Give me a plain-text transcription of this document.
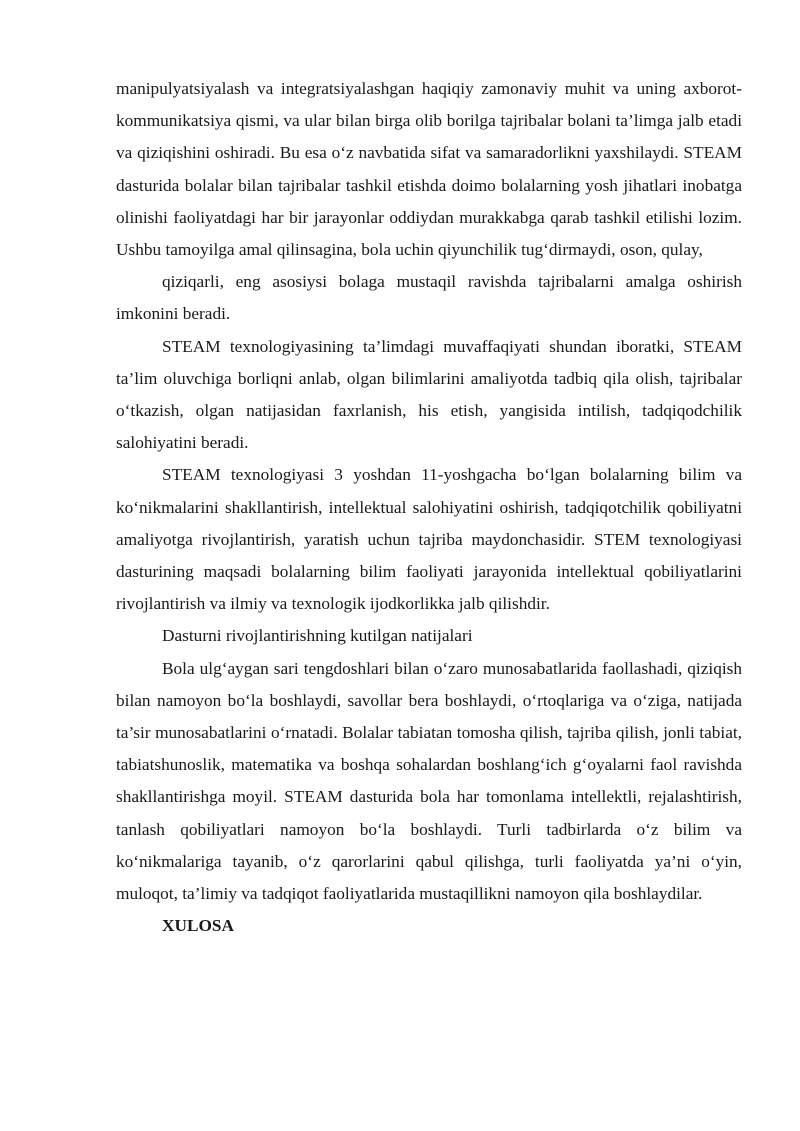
manipulyatsiyalash va integratsiyalashgan haqiqiy zamonaviy muhit va uning axborot-kommunikatsiya qismi, va ular bilan birga olib borilga tajribalar bolani ta’limga jalb etadi va qiziqishini oshiradi. Bu esa o‘z navbatida sifat va samaradorlikni yaxshilaydi. STEAM dasturida bolalar bilan tajribalar tashkil etishda doimo bolalarning yosh jihatlari inobatga olinishi faoliyatdagi har bir jarayonlar oddiydan murakkabga qarab tashkil etilishi lozim. Ushbu tamoyilga amal qilinsagina, bola uchin qiyunchilik tug‘dirmaydi, oson, qulay,

qiziqarli, eng asosiysi bolaga mustaqil ravishda tajribalarni amalga oshirish imkonini beradi.

STEAM texnologiyasining ta’limdagi muvaffaqiyati shundan iboratki, STEAM ta’lim oluvchiga borliqni anlab, olgan bilimlarini amaliyotda tadbiq qila olish, tajribalar o‘tkazish, olgan natijasidan faxrlanish, his etish, yangisida intilish, tadqiqodchilik salohiyatini beradi.

STEAM texnologiyasi 3 yoshdan 11-yoshgacha bo‘lgan bolalarning bilim va ko‘nikmalarini shakllantirish, intellektual salohiyatini oshirish, tadqiqotchilik qobiliyatni amaliyotga rivojlantirish, yaratish uchun tajriba maydonchasidir. STEM texnologiyasi dasturining maqsadi bolalarning bilim faoliyati jarayonida intellektual qobiliyatlarini rivojlantirish va ilmiy va texnologik ijodkorlikka jalb qilishdir.

Dasturni rivojlantirishning kutilgan natijalari

Bola ulg‘aygan sari tengdoshlari bilan o‘zaro munosabatlarida faollashadi, qiziqish bilan namoyon bo‘la boshlaydi, savollar bera boshlaydi, o‘rtoqlariga va o‘ziga, natijada ta’sir munosabatlarini o‘rnatadi. Bolalar tabiatan tomosha qilish, tajriba qilish, jonli tabiat, tabiatshunoslik, matematika va boshqa sohalardan boshlang‘ich g‘oyalarni faol ravishda shakllantirishga moyil. STEAM dasturida bola har tomonlama intellektli, rejalashtirish, tanlash qobiliyatlari namoyon bo‘la boshlaydi. Turli tadbirlarda o‘z bilim va ko‘nikmalariga tayanib, o‘z qarorlarini qabul qilishga, turli faoliyatda ya’ni o‘yin, muloqot, ta’limiy va tadqiqot faoliyatlarida mustaqillikni namoyon qila boshlaydilar.

XULOSA
